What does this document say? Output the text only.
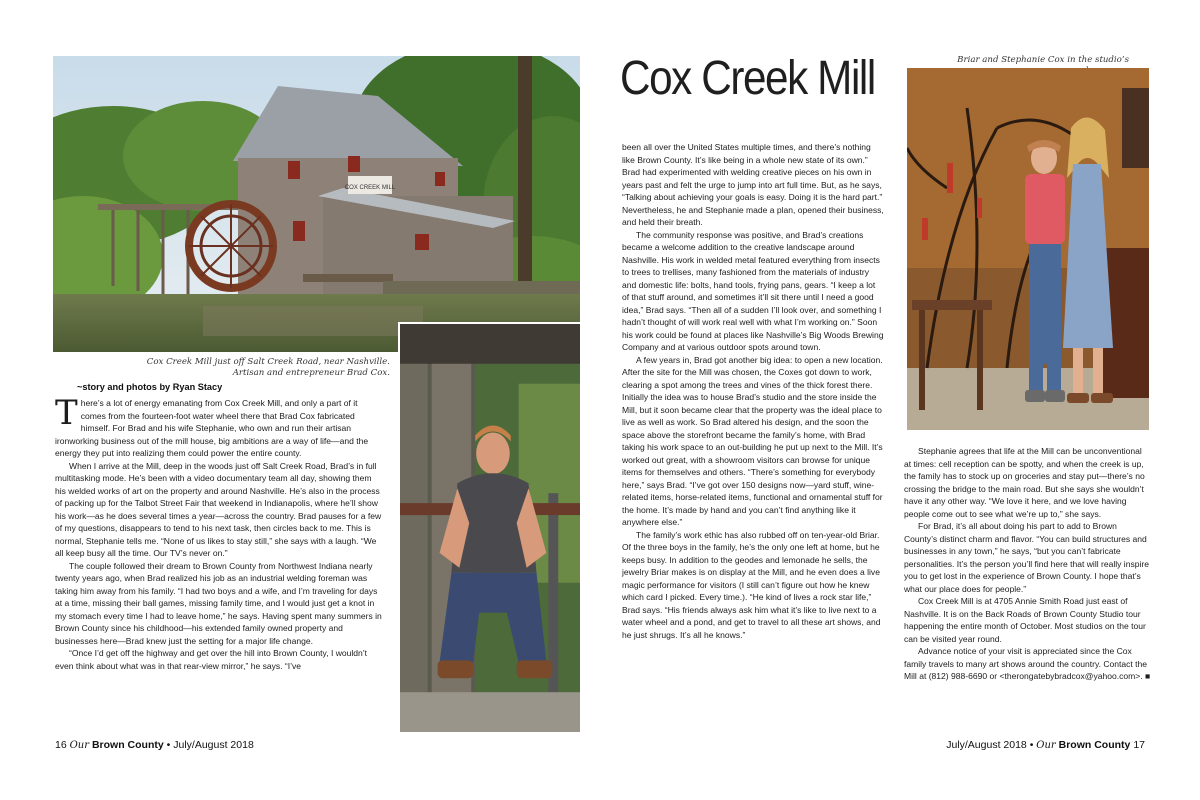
COX CREEK MILL
Cox Creek Mill just off Salt Creek Road, near Nashville.
Artisan and entrepreneur Brad Cox.
~story and photos by Ryan Stacy

There’s a lot of energy emanating from Cox Creek Mill, and only a part of it comes from the fourteen-foot water wheel there that Brad Cox fabricated himself. For Brad and his wife Stephanie, who own and run their artisan ironworking business out of the mill house, big ambitions are a way of life—and the energy they put into realizing them could power the entire county.

When I arrive at the Mill, deep in the woods just off Salt Creek Road, Brad’s in full multitasking mode. He’s been with a video documentary team all day, showing them his welded works of art on the property and around Nashville. He’s also in the process of packing up for the Talbot Street Fair that weekend in Indianapolis, where he’ll show his work—as he does several times a year—across the country. Brad pauses for a few of my questions, disappears to tend to his next task, then circles back to me. This is normal, Stephanie tells me. “None of us likes to stay still,” she says with a laugh. “We all keep busy all the time. Our TV’s never on.”

The couple followed their dream to Brown County from Northwest Indiana nearly twenty years ago, when Brad realized his job as an industrial welding foreman was taking him away from his family. “I had two boys and a wife, and I’m traveling for days at a time, missing their ball games, missing family time, and I would just get a knot in my stomach every time I had to leave home,” he says. Having spent many summers in Brown County since his childhood—his extended family owned property and businesses here—Brad knew just the setting for a major life change.

“Once I’d get off the highway and get over the hill into Brown County, I wouldn’t even think about what was in that rear-view mirror,” he says. “I’ve

Cox Creek Mill

been all over the United States multiple times, and there’s nothing like Brown County. It’s like being in a whole new state of its own.” Brad had experimented with welding creative pieces on his own in years past and felt the urge to jump into art full time. But, as he says, “Talking about achieving your goals is easy. Doing it is the hard part.” Nevertheless, he and Stephanie made a plan, opened their business, and held their breath.

The community response was positive, and Brad’s creations became a welcome addition to the creative landscape around Nashville. His work in welded metal featured everything from insects to trees to trellises, many fashioned from the materials of industry and domestic life: bolts, hand tools, frying pans, gears. “I keep a lot of that stuff around, and sometimes it’ll sit there until I need a good idea,” Brad says. “Then all of a sudden I’ll look over, and something I hadn’t thought of will work real well with what I’m working on.” Soon his work could be found at places like Nashville’s Big Woods Brewing Company and at various outdoor spots around town.

A few years in, Brad got another big idea: to open a new location. After the site for the Mill was chosen, the Coxes got down to work, clearing a spot among the trees and vines of the thick forest there. Initially the idea was to house Brad’s studio and the store inside the Mill, but it soon became clear that the property was the ideal place to live as well as work. So Brad altered his design, and the soon the space above the storefront became the family’s home, with Brad taking his work space to an out-building he put up next to the Mill. It’s worked out great, with a showroom visitors can browse for unique items for themselves and others. “There’s something for everybody here,” says Brad. “I’ve got over 150 designs now—yard stuff, wine-related items, horse-related items, functional and ornamental stuff for the home. It’s made by hand and you can’t find anything like it anywhere else.”

The family’s work ethic has also rubbed off on ten-year-old Briar. Of the three boys in the family, he’s the only one left at home, but he keeps busy. In addition to the geodes and lemonade he sells, the jewelry Briar makes is on display at the Mill, and he even does a live magic performance for visitors (I still can’t figure out how he knew which card I picked. Every time.). “He kind of lives a rock star life,” Brad says. “His friends always ask him what it’s like to live next to a water wheel and a pond, and get to travel to all these art shows, and he just shrugs. It’s all he knows.”

Briar and Stephanie Cox in the studio’s

Stephanie agrees that life at the Mill can be unconventional at times: cell reception can be spotty, and when the creek is up, the family has to stock up on groceries and stay put—there’s no crossing the bridge to the main road. But she says she wouldn’t have it any other way. “We love it here, and we love having people come out to see what we’re up to,” she says.

For Brad, it’s all about doing his part to add to Brown County’s distinct charm and flavor. “You can build structures and businesses in any town,” he says, “but you can’t fabricate personalities. It’s the person you’ll find here that will really inspire you to get lost in the experience of Brown County. I hope that’s what our place does for people.”

Cox Creek Mill is at 4705 Annie Smith Road just east of Nashville. It is on the Back Roads of Brown County Studio tour happening the entire month of October. Most studios on the tour can be visited year round.

Advance notice of your visit is appreciated since the Cox family travels to many art shows around the country. Contact the Mill at (812) 988-6690 or <therongatebybradcox@yahoo.com>. ■

16 Our Brown County • July/August 2018	July/August 2018 • Our Brown County 17
